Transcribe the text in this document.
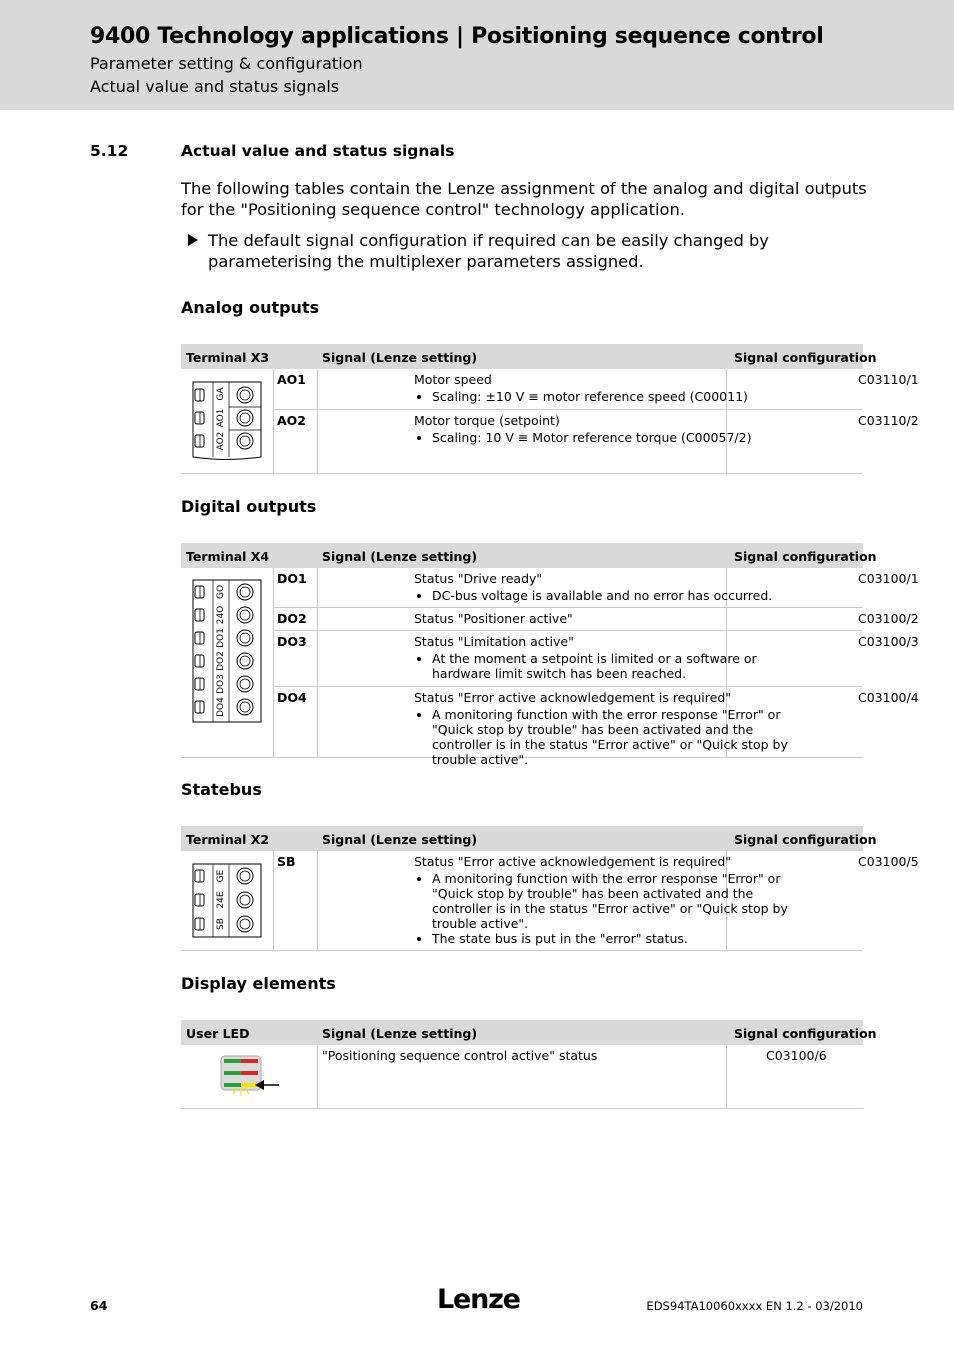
9400 Technology applications | Positioning sequence control
Parameter setting & configuration
Actual value and status signals
5.12	Actual value and status signals
The following tables contain the Lenze assignment of the analog and digital outputs for the "Positioning sequence control" technology application.
The default signal configuration if required can be easily changed by parameterising the multiplexer parameters assigned.
Analog outputs
Terminal X3	Signal (Lenze setting)	Signal configuration
GA
AO1
AO2
AO1	Motor speed
• Scaling: ±10 V ≡ motor reference speed (C00011)
C03110/1
AO2	Motor torque (setpoint)
• Scaling: 10 V ≡ Motor reference torque (C00057/2)
C03110/2
Digital outputs
Terminal X4	Signal (Lenze setting)	Signal configuration
GO
24O
DO1
DO2
DO3
DO4
DO1	Status "Drive ready"
• DC-bus voltage is available and no error has occurred.
C03100/1
DO2	Status "Positioner active"	C03100/2
DO3	Status "Limitation active"
• At the moment a setpoint is limited or a software or hardware limit switch has been reached.
C03100/3
DO4	Status "Error active acknowledgement is required"
• A monitoring function with the error response "Error" or "Quick stop by trouble" has been activated and the controller is in the status "Error active" or "Quick stop by trouble active".
C03100/4
Statebus
Terminal X2	Signal (Lenze setting)	Signal configuration
GE
24E
SB
SB	Status "Error active acknowledgement is required"
• A monitoring function with the error response "Error" or "Quick stop by trouble" has been activated and the controller is in the status "Error active" or "Quick stop by trouble active".
• The state bus is put in the "error" status.
C03100/5
Display elements
User LED	Signal (Lenze setting)	Signal configuration
"Positioning sequence control active" status	C03100/6
64	Lenze	EDS94TA10060xxxx EN 1.2 - 03/2010
